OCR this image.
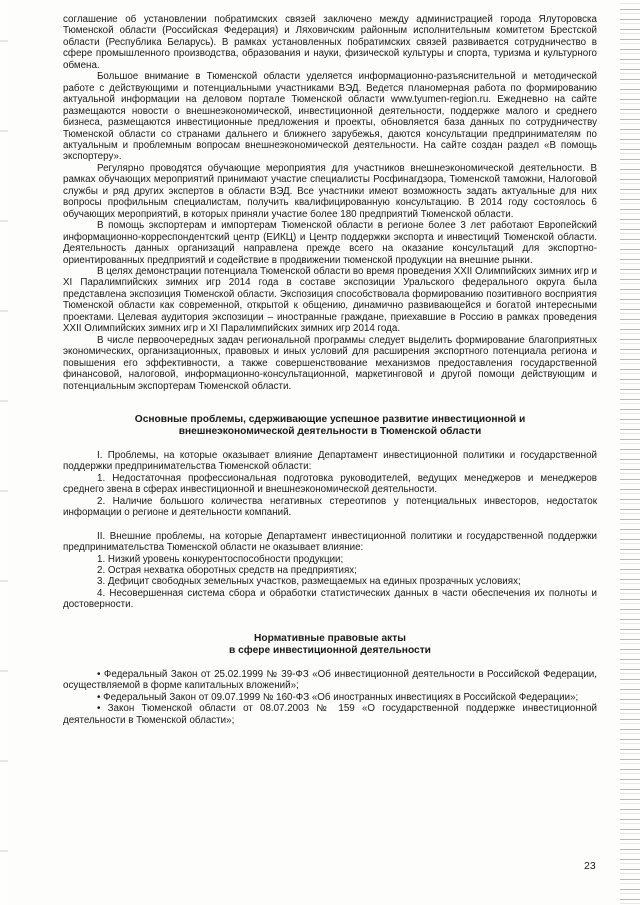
соглашение об установлении побратимских связей заключено между администрацией города Ялуторовска Тюменской области (Российская Федерация) и Ляховичским районным исполнительным комитетом Брестской области (Республика Беларусь). В рамках установленных побратимских связей развивается сотрудничество в сфере промышленного производства, образования и науки, физической культуры и спорта, туризма и культурного обмена.

Большое внимание в Тюменской области уделяется информационно-разъяснительной и методической работе с действующими и потенциальными участниками ВЭД. Ведется планомерная работа по формированию актуальной информации на деловом портале Тюменской области www.tyumen-region.ru. Ежедневно на сайте размещаются новости о внешнеэкономической, инвестиционной деятельности, поддержке малого и среднего бизнеса, размещаются инвестиционные предложения и проекты, обновляется база данных по сотрудничеству Тюменской области со странами дальнего и ближнего зарубежья, даются консультации предпринимателям по актуальным и проблемным вопросам внешнеэкономической деятельности. На сайте создан раздел «В помощь экспортеру».

Регулярно проводятся обучающие мероприятия для участников внешнеэкономической деятельности. В рамках обучающих мероприятий принимают участие специалисты Росфинагдзора, Тюменской таможни, Налоговой службы и ряд других экспертов в области ВЭД. Все участники имеют возможность задать актуальные для них вопросы профильным специалистам, получить квалифицированную консультацию. В 2014 году состоялось 6 обучающих мероприятий, в которых приняли участие более 180 предприятий Тюменской области.

В помощь экспортерам и импортерам Тюменской области в регионе более 3 лет работают Европейский информационно-корреспондентский центр (ЕИКЦ) и Центр поддержки экспорта и инвестиций Тюменской области. Деятельность данных организаций направлена прежде всего на оказание консультаций для экспортно-ориентированных предприятий и содействие в продвижении тюменской продукции на внешние рынки.

В целях демонстрации потенциала Тюменской области во время проведения XXII Олимпийских зимних игр и XI Паралимпийских зимних игр 2014 года в составе экспозиции Уральского федерального округа была представлена экспозиция Тюменской области. Экспозиция способствовала формированию позитивного восприятия Тюменской области как современной, открытой к общению, динамично развивающейся и богатой интересными проектами. Целевая аудитория экспозиции – иностранные граждане, приехавшие в Россию в рамках проведения XXII Олимпийских зимних игр и XI Паралимпийских зимних игр 2014 года.

В числе первоочередных задач региональной программы следует выделить формирование благоприятных экономических, организационных, правовых и иных условий для расширения экспортного потенциала региона и повышения его эффективности, а также совершенствование механизмов предоставления государственной финансовой, налоговой, информационно-консультационной, маркетинговой и другой помощи действующим и потенциальным экспортерам Тюменской области.

Основные проблемы, сдерживающие успешное развитие инвестиционной и
внешнеэкономической деятельности в Тюменской области

I. Проблемы, на которые оказывает влияние Департамент инвестиционной политики и государственной поддержки предпринимательства Тюменской области:

1. Недостаточная профессиональная подготовка руководителей, ведущих менеджеров и менеджеров среднего звена в сферах инвестиционной и внешнеэкономической деятельности.

2. Наличие большого количества негативных стереотипов у потенциальных инвесторов, недостаток информации о регионе и деятельности компаний.

II. Внешние проблемы, на которые Департамент инвестиционной политики и государственной поддержки предпринимательства Тюменской области не оказывает влияние:

1. Низкий уровень конкурентоспособности продукции;

2. Острая нехватка оборотных средств на предприятиях;

3. Дефицит свободных земельных участков, размещаемых на единых прозрачных условиях;

4. Несовершенная система сбора и обработки статистических данных в части обеспечения их полноты и достоверности.

Нормативные правовые акты
в сфере инвестиционной деятельности

• Федеральный Закон от 25.02.1999 № 39-ФЗ «Об инвестиционной деятельности в Российской Федерации, осуществляемой в форме капитальных вложений»;

• Федеральный Закон от 09.07.1999 № 160-ФЗ «Об иностранных инвестициях в Российской Федерации»;

• Закон Тюменской области от 08.07.2003 № 159 «О государственной поддержке инвестиционной деятельности в Тюменской области»;

23
